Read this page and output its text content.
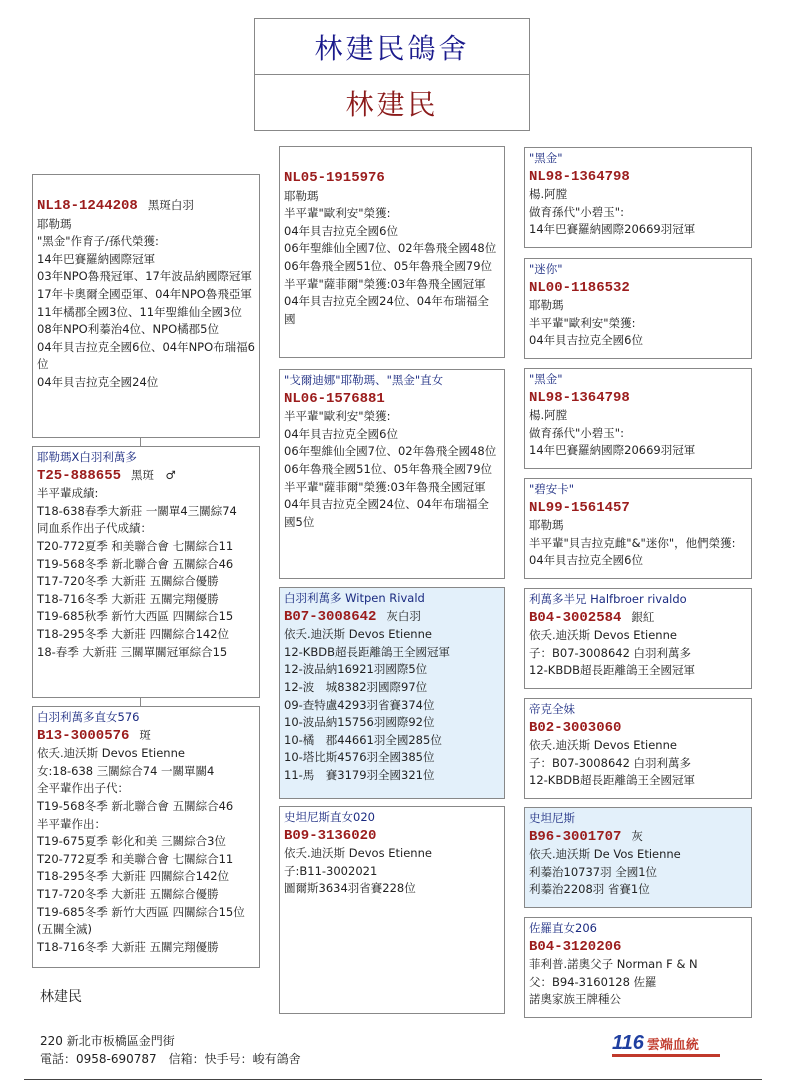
林建民鴿舍
林建民
NL18-1244208 黑斑白羽
耶勒瑪
"黑金"作育子/孫代榮獲:
14年巴賽羅納國際冠軍
03年NPO魯飛冠軍、17年波品納國際冠軍
17年卡奧爾全國亞軍、04年NPO魯飛亞軍
11年橘郡全國3位、11年聖維仙全國3位
08年NPO利蓁治4位、NPO橘郡5位
04年貝吉拉克全國6位、04年NPO布瑞福6位
04年貝吉拉克全國24位
耶勒瑪X白羽利萬多
T25-888655 黑斑　♂
半平輩成績:
T18-638春季大新莊 一關單4三關綜74
同血系作出子代成績：
T20-772夏季 和美聯合會 七關綜合11
T19-568冬季 新北聯合會 五關綜合46
T17-720冬季 大新莊 五關綜合優勝
T18-716冬季 大新莊 五關完翔優勝
T19-685秋季 新竹大西區 四關綜合15
T18-295冬季 大新莊 四關綜合142位
18-春季 大新莊 三關單關冠軍綜合15
白羽利萬多直女576
B13-3000576 斑
依夭.迪沃斯 Devos Etienne
女:18-638 三關綜合74 一關單關4
全平輩作出子代：
T19-568冬季 新北聯合會 五關綜合46
半平輩作出：
T19-675夏季 彰化和美 三關綜合3位
T20-772夏季 和美聯合會 七關綜合11
T18-295冬季 大新莊 四關綜合142位
T17-720冬季 大新莊 五關綜合優勝
T19-685冬季 新竹大西區 四關綜合15位(五關全滅)
T18-716冬季 大新莊 五關完翔優勝
NL05-1915976
耶勒瑪
半平輩"歐利安"榮獲:
04年貝吉拉克全國6位
06年聖維仙全國7位、02年魯飛全國48位
06年魯飛全國51位、05年魯飛全國79位
半平輩"薩菲爾"榮獲:03年魯飛全國冠軍
04年貝吉拉克全國24位、04年布瑞福全國
"戈爾迪娜"耶勒瑪、"黑金"直女
NL06-1576881
半平輩"歐利安"榮獲:
04年貝吉拉克全國6位
06年聖維仙全國7位、02年魯飛全國48位
06年魯飛全國51位、05年魯飛全國79位
半平輩"薩菲爾"榮獲:03年魯飛全國冠軍
04年貝吉拉克全國24位、04年布瑞福全國5位
白羽利萬多 Witpen Rivald
B07-3008642 灰白羽
依夭.迪沃斯 Devos Etienne
12-KBDB超長距離鴿王全國冠軍
12-波品納16921羽國際5位
12-波　城8382羽國際97位
09-查特盧4293羽省賽374位
10-波品納15756羽國際92位
10-橘　郡44661羽全國285位
10-塔比斯4576羽全國385位
11-馬　賽3179羽全國321位
史坦尼斯直女020
B09-3136020
依夭.迪沃斯 Devos Etienne
子:B11-3002021
圖爾斯3634羽省賽228位
"黑金"
NL98-1364798
楊.阿膛
做育孫代"小碧玉":
14年巴賽羅納國際20669羽冠軍
"迷你"
NL00-1186532
耶勒瑪
半平輩"歐利安"榮獲:
04年貝吉拉克全國6位
"黑金"
NL98-1364798
楊.阿膛
做育孫代"小碧玉":
14年巴賽羅納國際20669羽冠軍
"碧安卡"
NL99-1561457
耶勒瑪
半平輩"貝吉拉克雌"&"迷你"，他們榮獲:
04年貝吉拉克全國6位
利萬多半兄 Halfbroer rivaldo
B04-3002584 銀紅
依夭.迪沃斯 Devos Etienne
子：B07-3008642 白羽利萬多
12-KBDB超長距離鴿王全國冠軍
帝克全妹
B02-3003060
依夭.迪沃斯 Devos Etienne
子：B07-3008642 白羽利萬多
12-KBDB超長距離鴿王全國冠軍
史坦尼斯
B96-3001707 灰
依夭.迪沃斯 De Vos Etienne
利蓁治10737羽 全國1位
利蓁治2208羽 省賽1位
佐羅直女206
B04-3120206
菲利普.諾奧父子 Norman F & N
父：B94-3160128 佐羅
諾奧家族王牌種公
林建民
220 新北市板橋區金門街
電話：0958-690787　信箱：快手号：峻有鴿舍
116 雲端血統
